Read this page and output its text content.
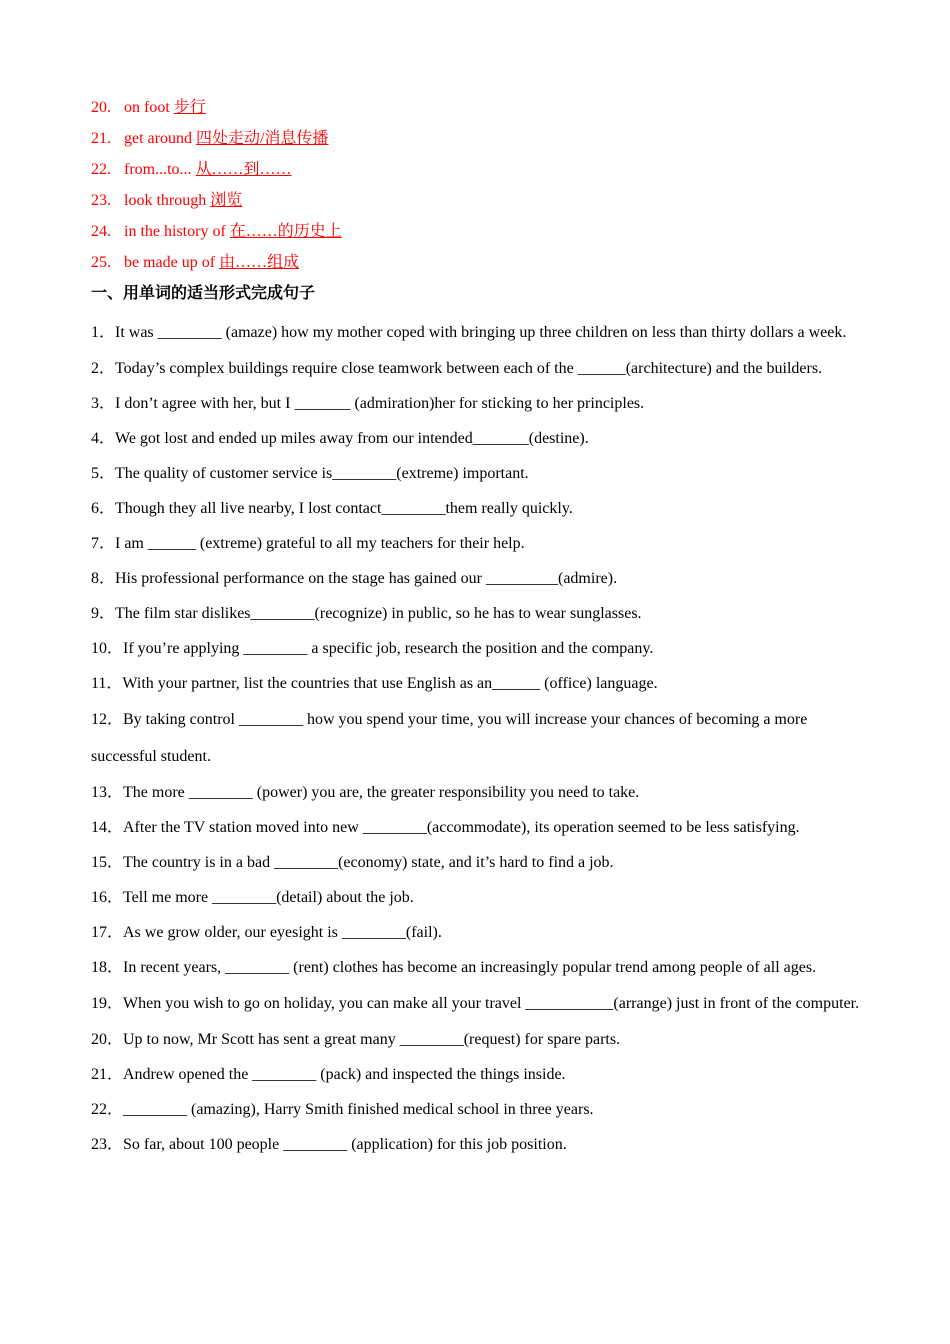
20. on foot 步行
21. get around 四处走动/消息传播
22. from...to... 从……到……
23. look through 浏览
24. in the history of 在……的历史上
25. be made up of 由……组成
一、用单词的适当形式完成句子
1．It was ________ (amaze) how my mother coped with bringing up three children on less than thirty dollars a week.
2．Today’s complex buildings require close teamwork between each of the ______(architecture) and the builders.
3．I don’t agree with her, but I _______ (admiration)her for sticking to her principles.
4．We got lost and ended up miles away from our intended_______(destine).
5．The quality of customer service is________(extreme) important.
6．Though they all live nearby, I lost contact________them really quickly.
7．I am ______ (extreme) grateful to all my teachers for their help.
8．His professional performance on the stage has gained our _________(admire).
9．The film star dislikes________(recognize) in public, so he has to wear sunglasses.
10．If you’re applying ________ a specific job, research the position and the company.
11．With your partner, list the countries that use English as an______ (office) language.
12．By taking control ________ how you spend your time, you will increase your chances of becoming a more successful student.
13．The more ________ (power) you are, the greater responsibility you need to take.
14．After the TV station moved into new ________(accommodate), its operation seemed to be less satisfying.
15．The country is in a bad ________(economy) state, and it’s hard to find a job.
16．Tell me more ________(detail) about the job.
17．As we grow older, our eyesight is ________(fail).
18．In recent years, ________ (rent) clothes has become an increasingly popular trend among people of all ages.
19．When you wish to go on holiday, you can make all your travel ___________(arrange) just in front of the computer.
20．Up to now, Mr Scott has sent a great many ________(request) for spare parts.
21．Andrew opened the ________ (pack) and inspected the things inside.
22．________ (amazing), Harry Smith finished medical school in three years.
23．So far, about 100 people ________ (application) for this job position.
